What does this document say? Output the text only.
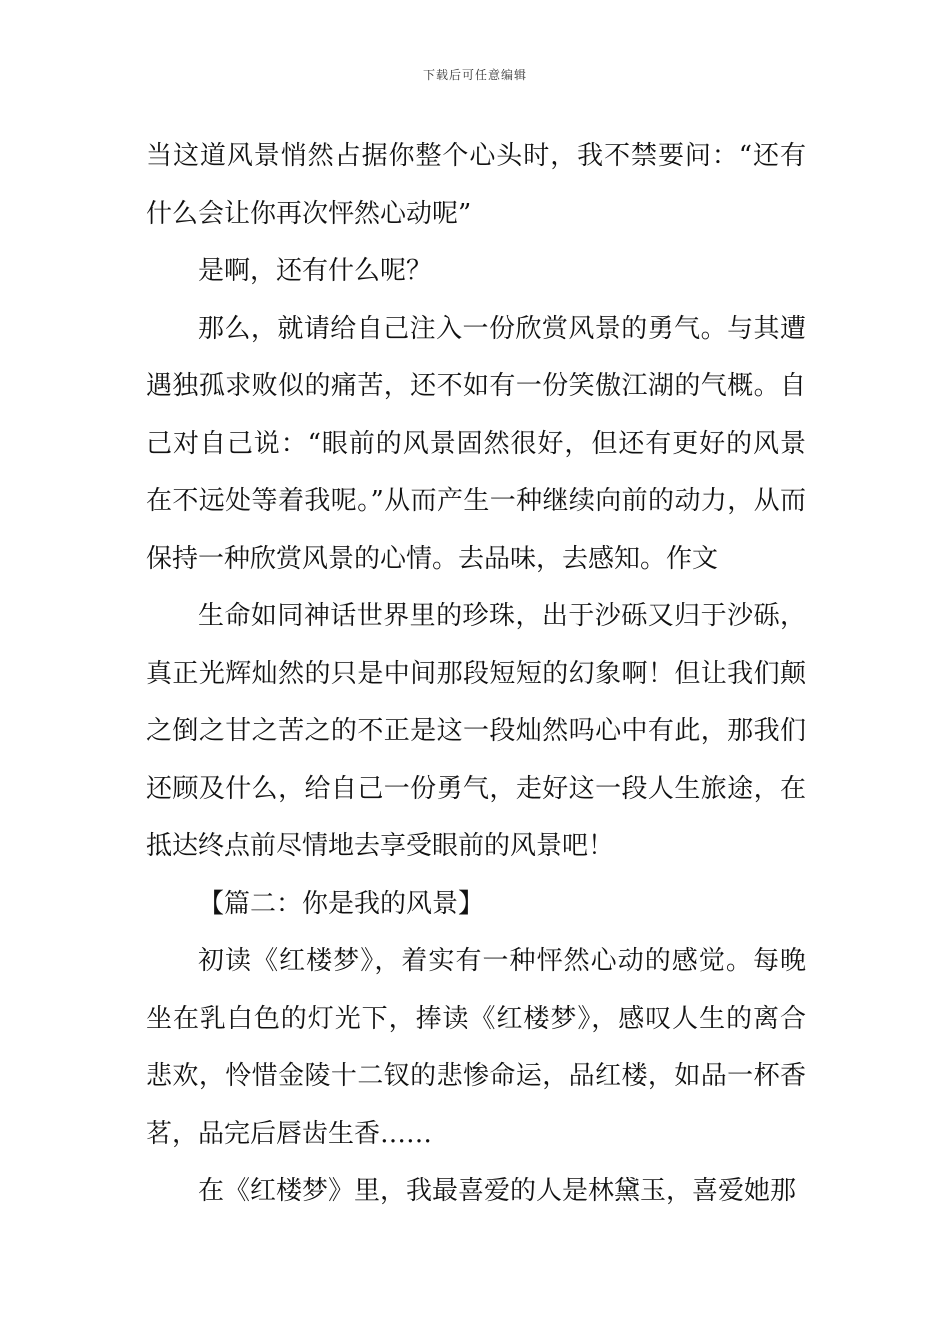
下载后可任意编辑

当这道风景悄然占据你整个心头时，我不禁要问：“还有什么会让你再次怦然心动呢”

是啊，还有什么呢？

那么，就请给自己注入一份欣赏风景的勇气。与其遭遇独孤求败似的痛苦，还不如有一份笑傲江湖的气概。自己对自己说：“眼前的风景固然很好，但还有更好的风景在不远处等着我呢。”从而产生一种继续向前的动力，从而保持一种欣赏风景的心情。去品味，去感知。作文

生命如同神话世界里的珍珠，出于沙砾又归于沙砾，真正光辉灿然的只是中间那段短短的幻象啊！但让我们颠之倒之甘之苦之的不正是这一段灿然吗心中有此，那我们还顾及什么，给自己一份勇气，走好这一段人生旅途，在抵达终点前尽情地去享受眼前的风景吧！

【篇二：你是我的风景】

初读《红楼梦》，着实有一种怦然心动的感觉。每晚坐在乳白色的灯光下，捧读《红楼梦》，感叹人生的离合悲欢，怜惜金陵十二钗的悲惨命运，品红楼，如品一杯香茗，品完后唇齿生香……

在《红楼梦》里，我最喜爱的人是林黛玉，喜爱她那
